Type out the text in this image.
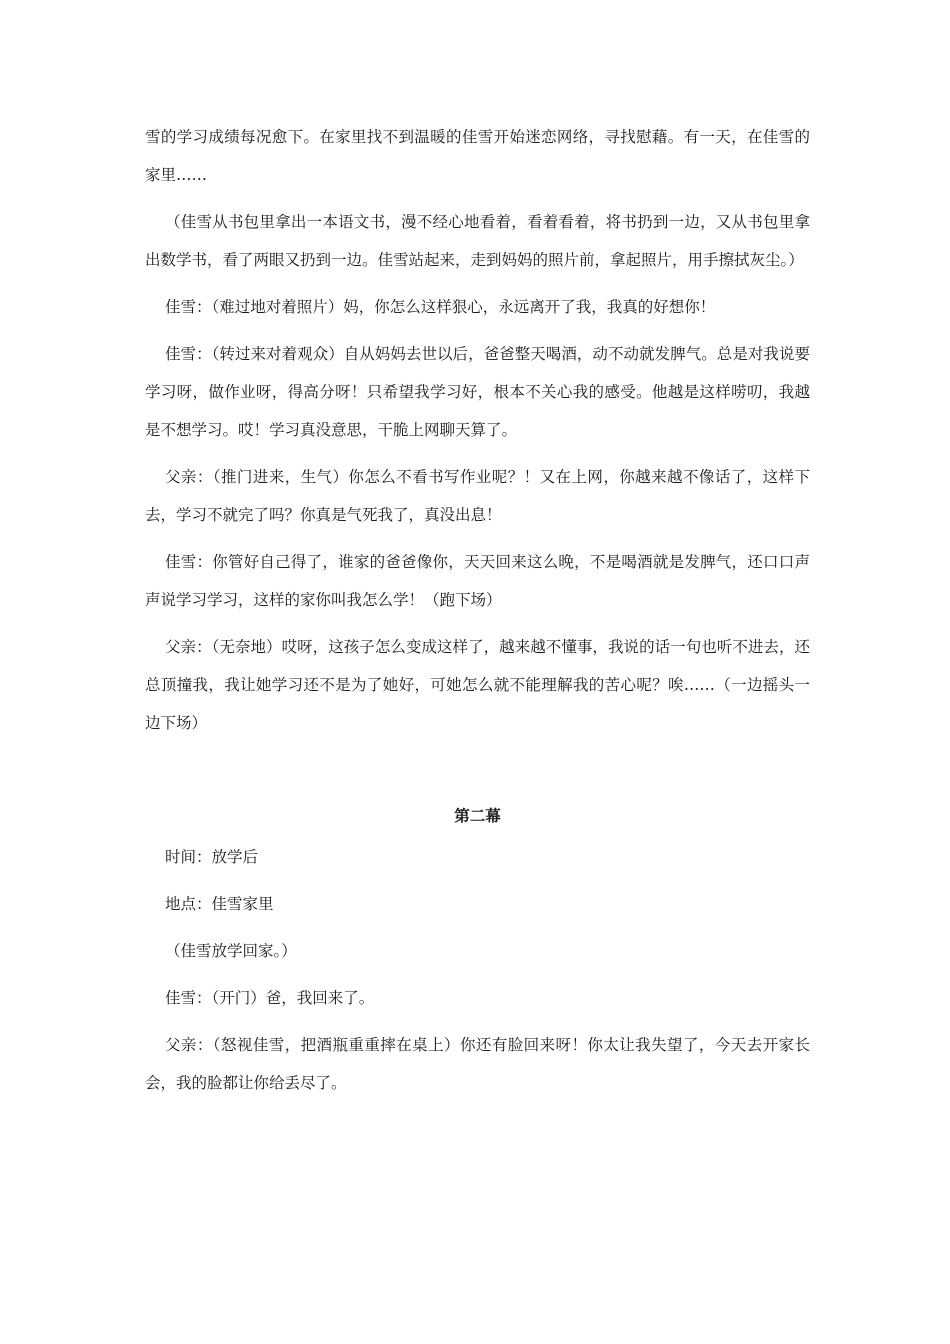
雪的学习成绩每况愈下。在家里找不到温暖的佳雪开始迷恋网络，寻找慰藉。有一天，在佳雪的家里……

（佳雪从书包里拿出一本语文书，漫不经心地看着，看着看着，将书扔到一边，又从书包里拿出数学书，看了两眼又扔到一边。佳雪站起来，走到妈妈的照片前，拿起照片，用手擦拭灰尘。）

佳雪：（难过地对着照片）妈，你怎么这样狠心，永远离开了我，我真的好想你！

佳雪：（转过来对着观众）自从妈妈去世以后，爸爸整天喝酒，动不动就发脾气。总是对我说要学习呀，做作业呀，得高分呀！只希望我学习好，根本不关心我的感受。他越是这样唠叨，我越是不想学习。哎！学习真没意思，干脆上网聊天算了。

父亲：（推门进来，生气）你怎么不看书写作业呢？！又在上网，你越来越不像话了，这样下去，学习不就完了吗？你真是气死我了，真没出息！

佳雪：你管好自己得了，谁家的爸爸像你，天天回来这么晚，不是喝酒就是发脾气，还口口声声说学习学习，这样的家你叫我怎么学！（跑下场）

父亲：（无奈地）哎呀，这孩子怎么变成这样了，越来越不懂事，我说的话一句也听不进去，还总顶撞我，我让她学习还不是为了她好，可她怎么就不能理解我的苦心呢？唉……（一边摇头一边下场）

第二幕

时间：放学后

地点：佳雪家里

（佳雪放学回家。）

佳雪：（开门）爸，我回来了。

父亲：（怒视佳雪，把酒瓶重重摔在桌上）你还有脸回来呀！你太让我失望了，今天去开家长会，我的脸都让你给丢尽了。
